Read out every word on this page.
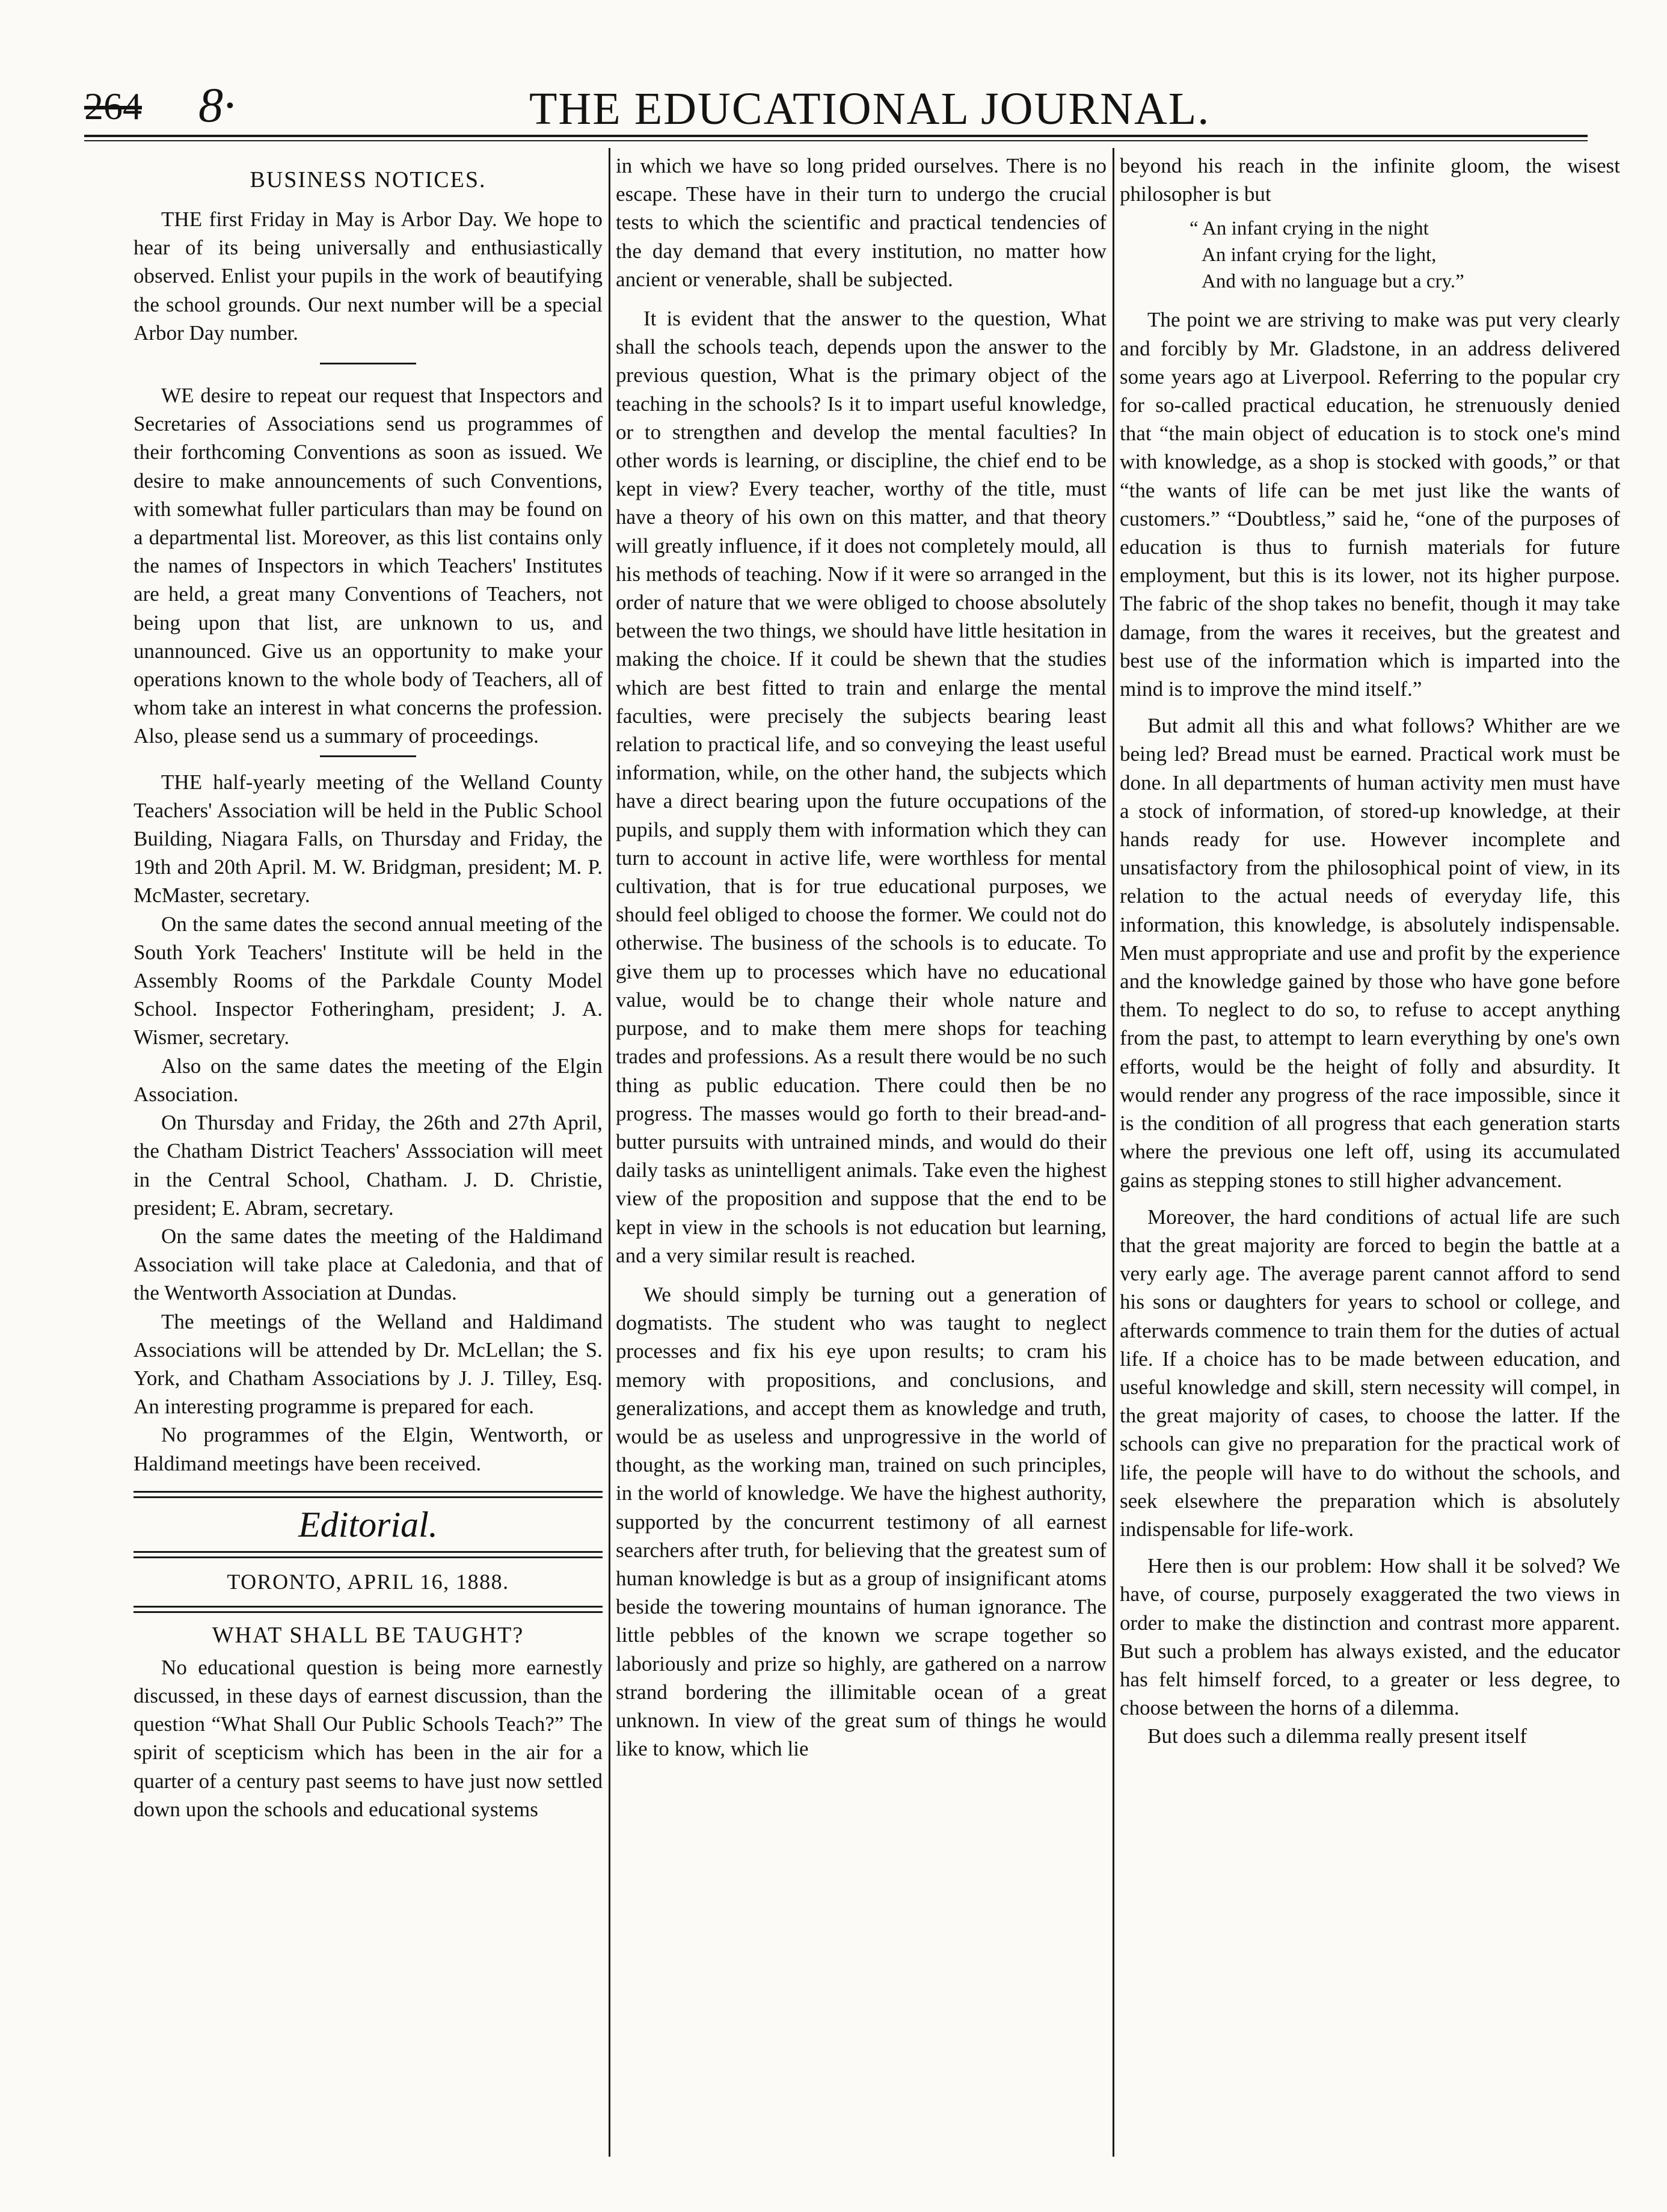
264 8·	THE EDUCATIONAL JOURNAL.
BUSINESS NOTICES.

THE first Friday in May is Arbor Day. We hope to hear of its being universally and enthusiastically observed. Enlist your pupils in the work of beautifying the school grounds. Our next number will be a special Arbor Day number.

WE desire to repeat our request that Inspectors and Secretaries of Associations send us programmes of their forthcoming Conventions as soon as issued. We desire to make announcements of such Conventions, with somewhat fuller particulars than may be found on a departmental list. Moreover, as this list contains only the names of Inspectors in which Teachers' Institutes are held, a great many Conventions of Teachers, not being upon that list, are unknown to us, and unannounced. Give us an opportunity to make your operations known to the whole body of Teachers, all of whom take an interest in what concerns the profession. Also, please send us a summary of proceedings.

THE half-yearly meeting of the Welland County Teachers' Association will be held in the Public School Building, Niagara Falls, on Thursday and Friday, the 19th and 20th April. M. W. Bridgman, president; M. P. McMaster, secretary.

On the same dates the second annual meeting of the South York Teachers' Institute will be held in the Assembly Rooms of the Parkdale County Model School. Inspector Fotheringham, president; J. A. Wismer, secretary.

Also on the same dates the meeting of the Elgin Association.

On Thursday and Friday, the 26th and 27th April, the Chatham District Teachers' Asssociation will meet in the Central School, Chatham. J. D. Christie, president; E. Abram, secretary.

On the same dates the meeting of the Haldimand Association will take place at Caledonia, and that of the Wentworth Association at Dundas.

The meetings of the Welland and Haldimand Associations will be attended by Dr. McLellan; the S. York, and Chatham Associations by J. J. Tilley, Esq. An interesting programme is prepared for each.

No programmes of the Elgin, Wentworth, or Haldimand meetings have been received.

Editorial.
TORONTO, APRIL 16, 1888.
WHAT SHALL BE TAUGHT?

No educational question is being more earnestly discussed, in these days of earnest discussion, than the question “What Shall Our Public Schools Teach?” The spirit of scepticism which has been in the air for a quarter of a century past seems to have just now settled down upon the schools and educational systems

in which we have so long prided ourselves. There is no escape. These have in their turn to undergo the crucial tests to which the scientific and practical tendencies of the day demand that every institution, no matter how ancient or venerable, shall be subjected.

It is evident that the answer to the question, What shall the schools teach, depends upon the answer to the previous question, What is the primary object of the teaching in the schools? Is it to impart useful knowledge, or to strengthen and develop the mental faculties? In other words is learning, or discipline, the chief end to be kept in view? Every teacher, worthy of the title, must have a theory of his own on this matter, and that theory will greatly influence, if it does not completely mould, all his methods of teaching. Now if it were so arranged in the order of nature that we were obliged to choose absolutely between the two things, we should have little hesitation in making the choice. If it could be shewn that the studies which are best fitted to train and enlarge the mental faculties, were precisely the subjects bearing least relation to practical life, and so conveying the least useful information, while, on the other hand, the subjects which have a direct bearing upon the future occupations of the pupils, and supply them with information which they can turn to account in active life, were worthless for mental cultivation, that is for true educational purposes, we should feel obliged to choose the former. We could not do otherwise. The business of the schools is to educate. To give them up to processes which have no educational value, would be to change their whole nature and purpose, and to make them mere shops for teaching trades and professions. As a result there would be no such thing as public education. There could then be no progress. The masses would go forth to their bread-and-butter pursuits with untrained minds, and would do their daily tasks as unintelligent animals. Take even the highest view of the proposition and suppose that the end to be kept in view in the schools is not education but learning, and a very similar result is reached.

We should simply be turning out a generation of dogmatists. The student who was taught to neglect processes and fix his eye upon results; to cram his memory with propositions, and conclusions, and generalizations, and accept them as knowledge and truth, would be as useless and unprogressive in the world of thought, as the working man, trained on such principles, in the world of knowledge. We have the highest authority, supported by the concurrent testimony of all earnest searchers after truth, for believing that the greatest sum of human knowledge is but as a group of insignificant atoms beside the towering mountains of human ignorance. The little pebbles of the known we scrape together so laboriously and prize so highly, are gathered on a narrow strand bordering the illimitable ocean of a great unknown. In view of the great sum of things he would like to know, which lie

beyond his reach in the infinite gloom, the wisest philosopher is but

“ An infant crying in the night
An infant crying for the light,
And with no language but a cry.”

The point we are striving to make was put very clearly and forcibly by Mr. Gladstone, in an address delivered some years ago at Liverpool. Referring to the popular cry for so-called practical education, he strenuously denied that “the main object of education is to stock one's mind with knowledge, as a shop is stocked with goods,” or that “the wants of life can be met just like the wants of customers.” “Doubtless,” said he, “one of the purposes of education is thus to furnish materials for future employment, but this is its lower, not its higher purpose. The fabric of the shop takes no benefit, though it may take damage, from the wares it receives, but the greatest and best use of the information which is imparted into the mind is to improve the mind itself.”

But admit all this and what follows? Whither are we being led? Bread must be earned. Practical work must be done. In all departments of human activity men must have a stock of information, of stored-up knowledge, at their hands ready for use. However incomplete and unsatisfactory from the philosophical point of view, in its relation to the actual needs of everyday life, this information, this knowledge, is absolutely indispensable. Men must appropriate and use and profit by the experience and the knowledge gained by those who have gone before them. To neglect to do so, to refuse to accept anything from the past, to attempt to learn everything by one's own efforts, would be the height of folly and absurdity. It would render any progress of the race impossible, since it is the condition of all progress that each generation starts where the previous one left off, using its accumulated gains as stepping stones to still higher advancement.

Moreover, the hard conditions of actual life are such that the great majority are forced to begin the battle at a very early age. The average parent cannot afford to send his sons or daughters for years to school or college, and afterwards commence to train them for the duties of actual life. If a choice has to be made between education, and useful knowledge and skill, stern necessity will compel, in the great majority of cases, to choose the latter. If the schools can give no preparation for the practical work of life, the people will have to do without the schools, and seek elsewhere the preparation which is absolutely indispensable for life-work.

Here then is our problem: How shall it be solved? We have, of course, purposely exaggerated the two views in order to make the distinction and contrast more apparent. But such a problem has always existed, and the educator has felt himself forced, to a greater or less degree, to choose between the horns of a dilemma.

But does such a dilemma really present itself
